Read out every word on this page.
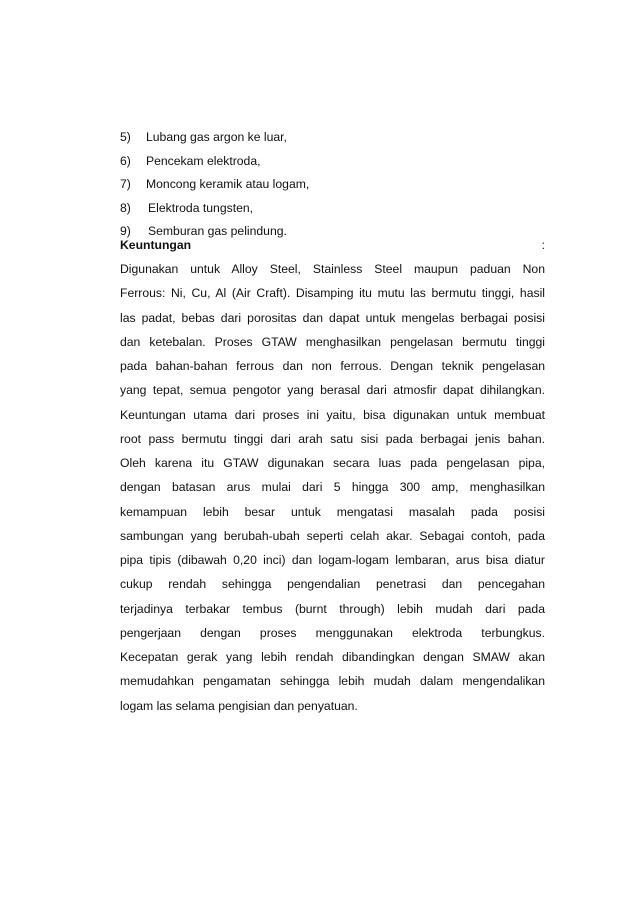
5) Lubang gas argon ke luar,
6) Pencekam elektroda,
7) Moncong keramik atau logam,
8) Elektroda tungsten,
9) Semburan gas pelindung.
Keuntungan	:
Digunakan untuk Alloy Steel, Stainless Steel maupun paduan Non
Ferrous: Ni, Cu, Al (Air Craft). Disamping itu mutu las bermutu tinggi, hasil
las padat, bebas dari porositas dan dapat untuk mengelas berbagai posisi
dan ketebalan. Proses GTAW menghasilkan pengelasan bermutu tinggi
pada bahan-bahan ferrous dan non ferrous. Dengan teknik pengelasan
yang tepat, semua pengotor yang berasal dari atmosfir dapat dihilangkan.
Keuntungan utama dari proses ini yaitu, bisa digunakan untuk membuat
root pass bermutu tinggi dari arah satu sisi pada berbagai jenis bahan.
Oleh karena itu GTAW digunakan secara luas pada pengelasan pipa,
dengan batasan arus mulai dari 5 hingga 300 amp, menghasilkan
kemampuan lebih besar untuk mengatasi masalah pada posisi
sambungan yang berubah-ubah seperti celah akar. Sebagai contoh, pada
pipa tipis (dibawah 0,20 inci) dan logam-logam lembaran, arus bisa diatur
cukup rendah sehingga pengendalian penetrasi dan pencegahan
terjadinya terbakar tembus (burnt through) lebih mudah dari pada
pengerjaan dengan proses menggunakan elektroda terbungkus.
Kecepatan gerak yang lebih rendah dibandingkan dengan SMAW akan
memudahkan pengamatan sehingga lebih mudah dalam mengendalikan
logam las selama pengisian dan penyatuan.
